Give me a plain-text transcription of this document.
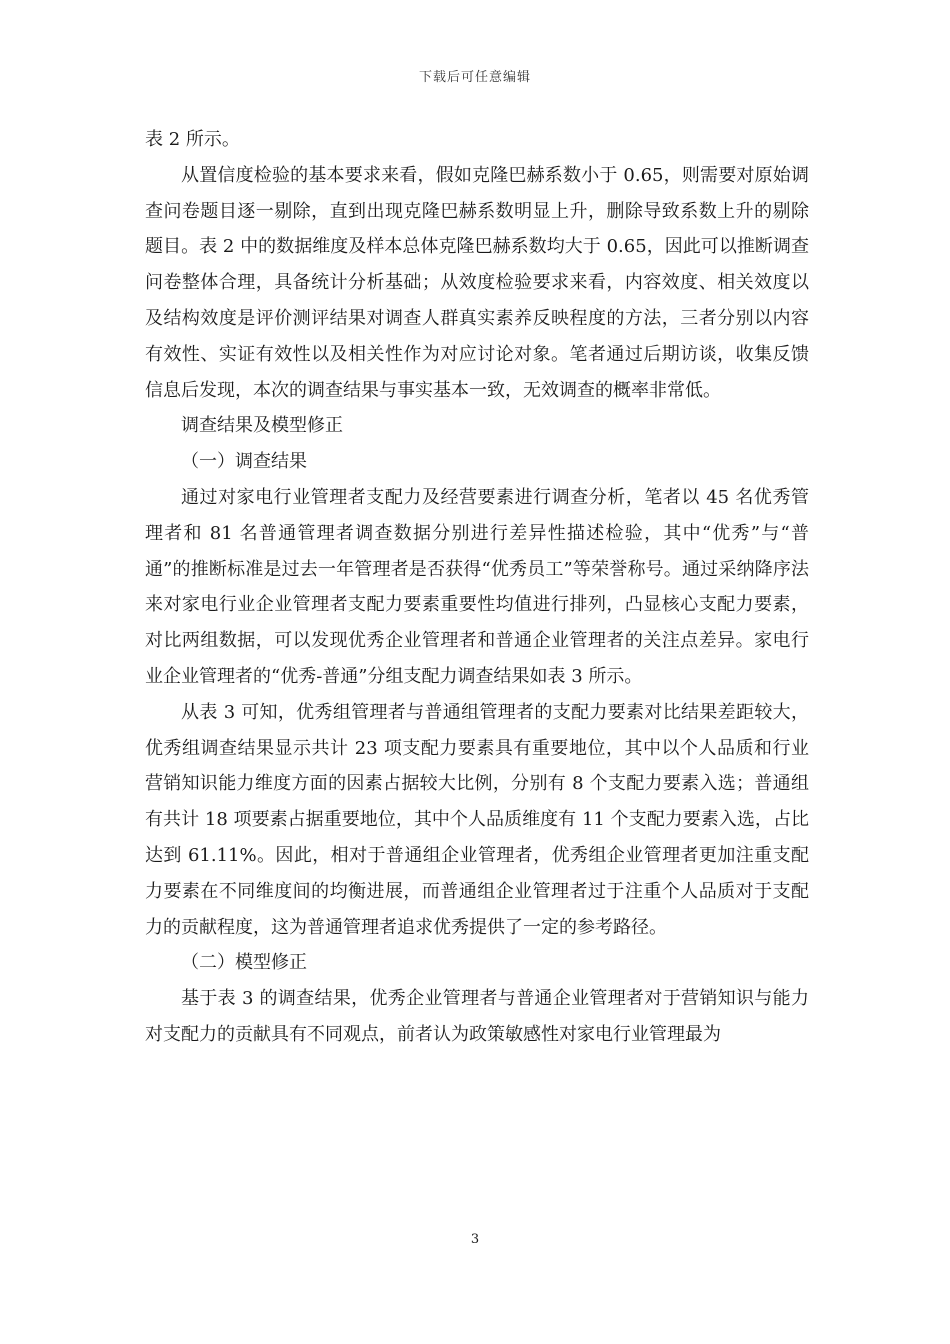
下载后可任意编辑

表 2 所示。

从置信度检验的基本要求来看，假如克隆巴赫系数小于 0.65，则需要对原始调查问卷题目逐一剔除，直到出现克隆巴赫系数明显上升，删除导致系数上升的剔除题目。表 2 中的数据维度及样本总体克隆巴赫系数均大于 0.65，因此可以推断调查问卷整体合理，具备统计分析基础；从效度检验要求来看，内容效度、相关效度以及结构效度是评价测评结果对调查人群真实素养反映程度的方法，三者分别以内容有效性、实证有效性以及相关性作为对应讨论对象。笔者通过后期访谈，收集反馈信息后发现，本次的调查结果与事实基本一致，无效调查的概率非常低。

调查结果及模型修正

（一）调查结果

通过对家电行业管理者支配力及经营要素进行调查分析，笔者以 45 名优秀管理者和 81 名普通管理者调查数据分别进行差异性描述检验，其中“优秀”与“普通”的推断标准是过去一年管理者是否获得“优秀员工”等荣誉称号。通过采纳降序法来对家电行业企业管理者支配力要素重要性均值进行排列，凸显核心支配力要素，对比两组数据，可以发现优秀企业管理者和普通企业管理者的关注点差异。家电行业企业管理者的“优秀-普通”分组支配力调查结果如表 3 所示。

从表 3 可知，优秀组管理者与普通组管理者的支配力要素对比结果差距较大，优秀组调查结果显示共计 23 项支配力要素具有重要地位，其中以个人品质和行业营销知识能力维度方面的因素占据较大比例，分别有 8 个支配力要素入选；普通组有共计 18 项要素占据重要地位，其中个人品质维度有 11 个支配力要素入选，占比达到 61.11%。因此，相对于普通组企业管理者，优秀组企业管理者更加注重支配力要素在不同维度间的均衡进展，而普通组企业管理者过于注重个人品质对于支配力的贡献程度，这为普通管理者追求优秀提供了一定的参考路径。

（二）模型修正

基于表 3 的调查结果，优秀企业管理者与普通企业管理者对于营销知识与能力对支配力的贡献具有不同观点，前者认为政策敏感性对家电行业管理最为

3
